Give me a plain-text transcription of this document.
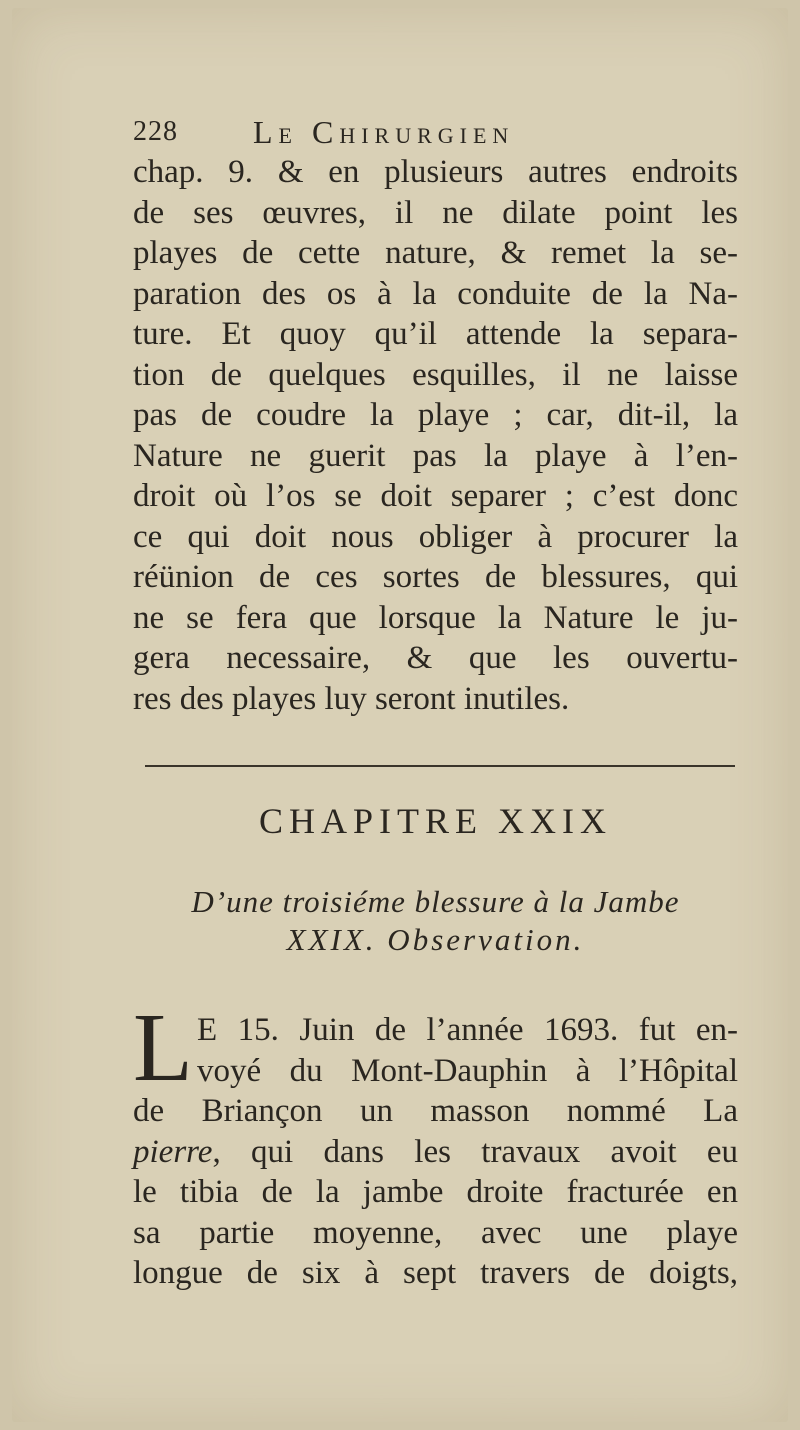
228 Le Chirurgien
chap. 9. & en plusieurs autres endroits
de ses œuvres, il ne dilate point les
playes de cette nature, & remet la se-
paration des os à la conduite de la Na-
ture. Et quoy qu’il attende la separa-
tion de quelques esquilles, il ne laisse
pas de coudre la playe ; car, dit-il, la
Nature ne guerit pas la playe à l’en-
droit où l’os se doit separer ; c’est donc
ce qui doit nous obliger à procurer la
réünion de ces sortes de blessures, qui
ne se fera que lorsque la Nature le ju-
gera necessaire, & que les ouvertu-
res des playes luy seront inutiles.
CHAPITRE XXIX
D’une troisiéme blessure à la Jambe
XXIX. Observation.
L E 15. Juin de l’année 1693. fut en-
voyé du Mont-Dauphin à l’Hôpital
de Briançon un masson nommé La
pierre, qui dans les travaux avoit eu
le tibia de la jambe droite fracturée en
sa partie moyenne, avec une playe
longue de six à sept travers de doigts,
